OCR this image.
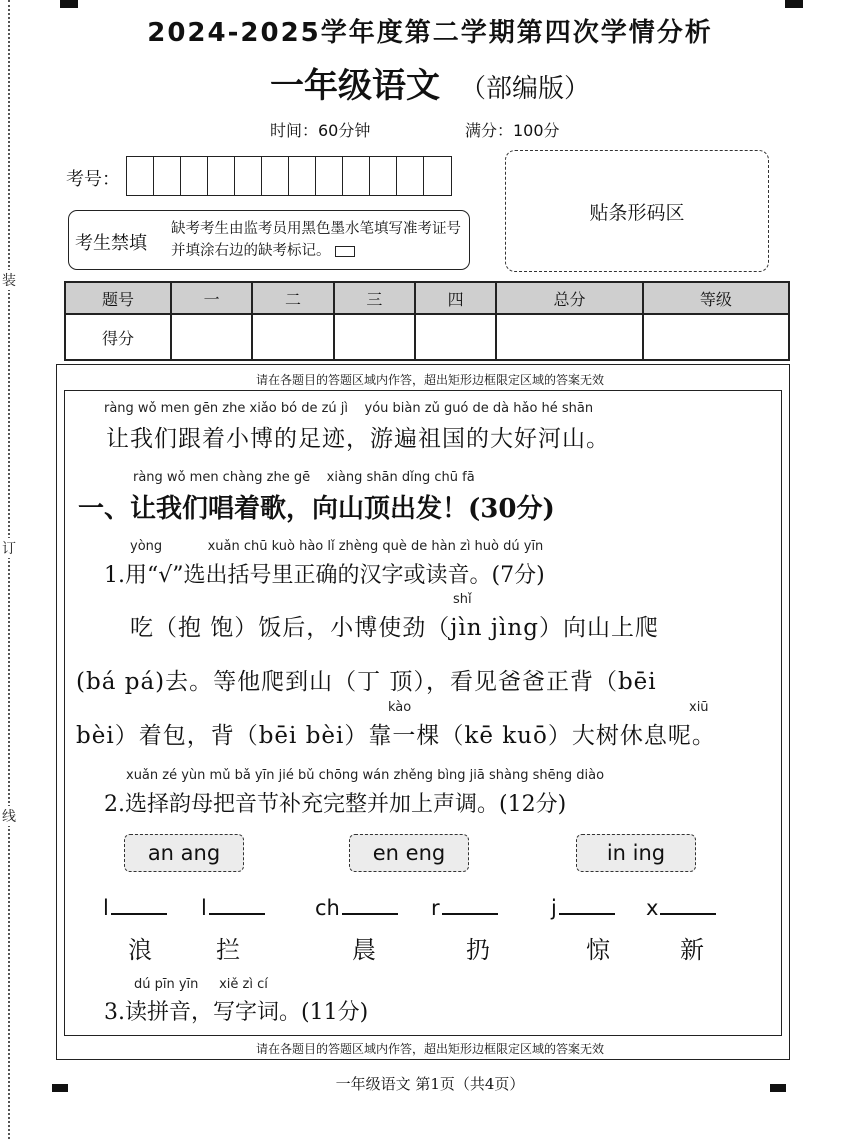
装
订
线
2024-2025学年度第二学期第四次学情分析
一年级语文 （部编版）
时间：60分钟	满分：100分
考号：
贴条形码区
考生禁填
缺考考生由监考员用黑色墨水笔填写准考证号并填涂右边的缺考标记。
题号	一	二	三	四	总分	等级
得分						
请在各题目的答题区域内作答，超出矩形边框限定区域的答案无效
请在各题目的答题区域内作答，超出矩形边框限定区域的答案无效
ràng wǒ men gēn zhe xiǎo bó de zú jì    yóu biàn zǔ guó de dà hǎo hé shān
让我们跟着小博的足迹，游遍祖国的大好河山。
ràng wǒ men chàng zhe gē    xiàng shān dǐng chū fā
一、让我们唱着歌，向山顶出发！(30分)
yòng           xuǎn chū kuò hào lǐ zhèng què de hàn zì huò dú yīn
1.用“√”选出括号里正确的汉字或读音。(7分)
shǐ
吃（抱 饱）饭后，小博使劲（jìn jìng）向山上爬
(bá pá)去。等他爬到山（丁 顶），看见爸爸正背（bēi
kào	xiū
bèi）着包，背（bēi bèi）靠一棵（kē kuō）大树休息呢。
xuǎn zé yùn mǔ bǎ yīn jié bǔ chōng wán zhěng bìng jiā shàng shēng diào
2.选择韵母把音节补充完整并加上声调。(12分)
an ang	en eng	in ing
l	l	ch	r	j	x
浪	拦	晨	扔	惊	新
dú pīn yīn     xiě zì cí
3.读拼音，写字词。(11分)
一年级语文 第1页（共4页）
